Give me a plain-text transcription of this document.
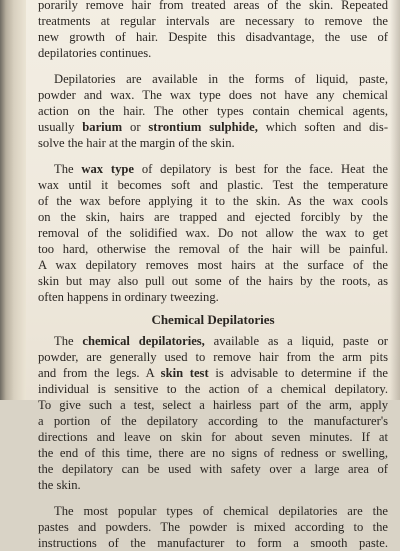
porarily remove hair from treated areas of the skin. Repeated
treatments at regular intervals are necessary to remove the
new growth of hair. Despite this disadvantage, the use of
depilatories continues.
Depilatories are available in the forms of liquid, paste,
powder and wax. The wax type does not have any chemical
action on the hair. The other types contain chemical agents,
usually barium or strontium sulphide, which soften and dis-
solve the hair at the margin of the skin.
The wax type of depilatory is best for the face. Heat the
wax until it becomes soft and plastic. Test the temperature
of the wax before applying it to the skin. As the wax cools
on the skin, hairs are trapped and ejected forcibly by the
removal of the solidified wax. Do not allow the wax to get
too hard, otherwise the removal of the hair will be painful.
A wax depilatory removes most hairs at the surface of the
skin but may also pull out some of the hairs by the roots, as
often happens in ordinary tweezing.
Chemical Depilatories
The chemical depilatories, available as a liquid, paste or
powder, are generally used to remove hair from the arm pits
and from the legs. A skin test is advisable to determine if the
individual is sensitive to the action of a chemical depilatory.
To give such a test, select a hairless part of the arm, apply
a portion of the depilatory according to the manufacturer's
directions and leave on skin for about seven minutes. If at
the end of this time, there are no signs of redness or swelling,
the depilatory can be used with safety over a large area of
the skin.
The most popular types of chemical depilatories are the
pastes and powders. The powder is mixed according to the
instructions of the manufacturer to form a smooth paste.
